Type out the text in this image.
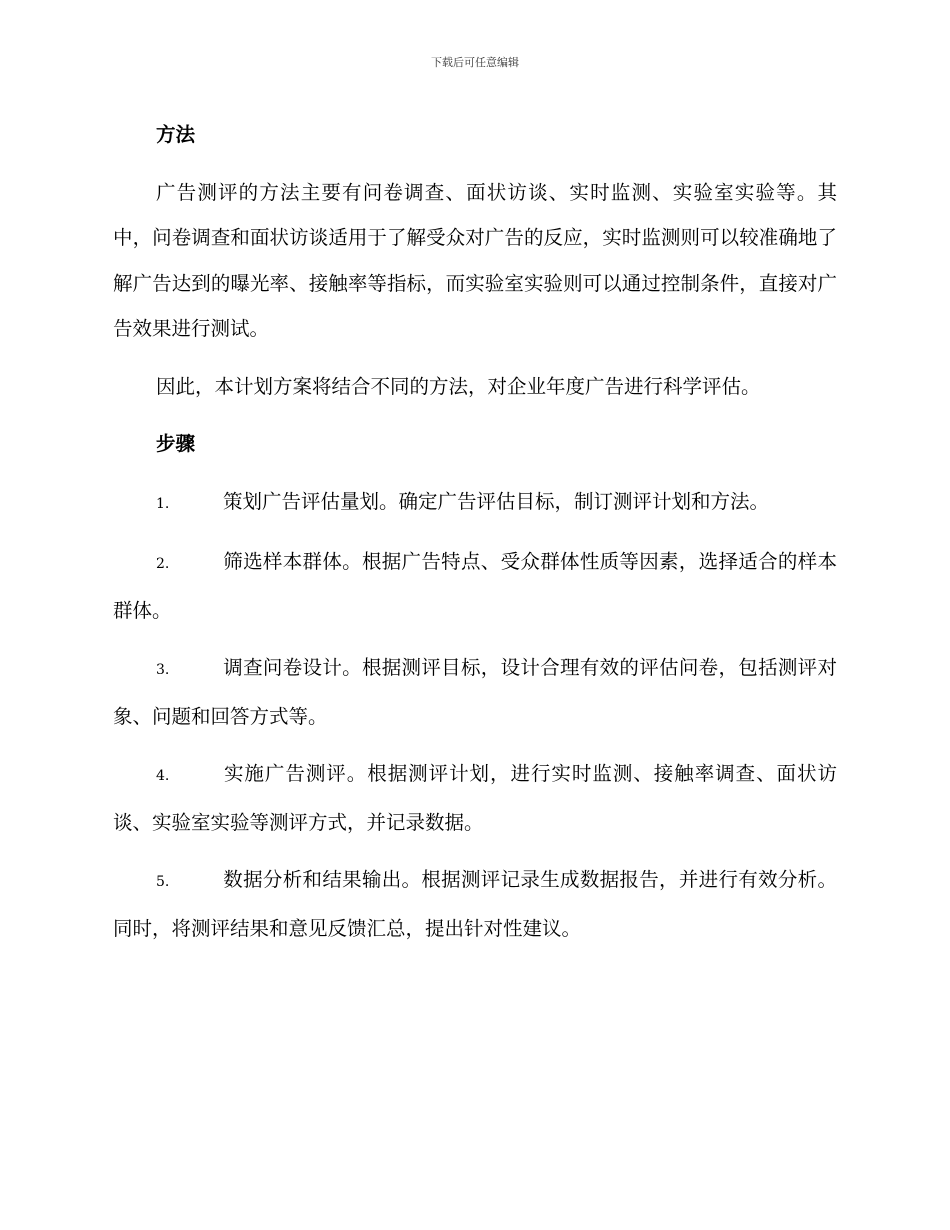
下载后可任意编辑
方法

广告测评的方法主要有问卷调查、面状访谈、实时监测、实验室实验等。其中，问卷调查和面状访谈适用于了解受众对广告的反应，实时监测则可以较准确地了解广告达到的曝光率、接触率等指标，而实验室实验则可以通过控制条件，直接对广告效果进行测试。

因此，本计划方案将结合不同的方法，对企业年度广告进行科学评估。

步骤

1.	策划广告评估量划。确定广告评估目标，制订测评计划和方法。

2.	筛选样本群体。根据广告特点、受众群体性质等因素，选择适合的样本群体。

3.	调查问卷设计。根据测评目标，设计合理有效的评估问卷，包括测评对象、问题和回答方式等。

4.	实施广告测评。根据测评计划，进行实时监测、接触率调查、面状访谈、实验室实验等测评方式，并记录数据。

5.	数据分析和结果输出。根据测评记录生成数据报告，并进行有效分析。同时，将测评结果和意见反馈汇总，提出针对性建议。
